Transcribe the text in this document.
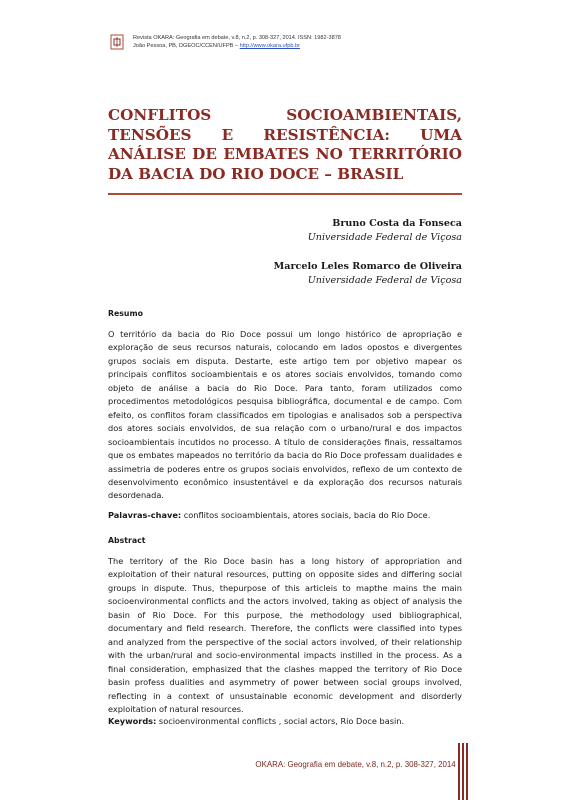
Revista OKARA: Geografia em debate, v.8, n.2, p. 308-327, 2014. ISSN: 1982-3878
João Pessoa, PB, DGEOC/CCEN/UFPB – http://www.okara.ufpb.br
CONFLITOS SOCIOAMBIENTAIS, TENSÕES E RESISTÊNCIA: UMA ANÁLISE DE EMBATES NO TERRITÓRIO DA BACIA DO RIO DOCE – BRASIL
Bruno Costa da Fonseca
Universidade Federal de Viçosa
Marcelo Leles Romarco de Oliveira
Universidade Federal de Viçosa
Resumo

O território da bacia do Rio Doce possui um longo histórico de apropriação e exploração de seus recursos naturais, colocando em lados opostos e divergentes grupos sociais em disputa. Destarte, este artigo tem por objetivo mapear os principais conflitos socioambientais e os atores sociais envolvidos, tomando como objeto de análise a bacia do Rio Doce. Para tanto, foram utilizados como procedimentos metodológicos pesquisa bibliográfica, documental e de campo. Com efeito, os conflitos foram classificados em tipologias e analisados sob a perspectiva dos atores sociais envolvidos, de sua relação com o urbano/rural e dos impactos socioambientais incutidos no processo. A título de considerações finais, ressaltamos que os embates mapeados no território da bacia do Rio Doce professam dualidades e assimetria de poderes entre os grupos sociais envolvidos, reflexo de um contexto de desenvolvimento econômico insustentável e da exploração dos recursos naturais desordenada.

Palavras-chave: conflitos socioambientais, atores sociais, bacia do Rio Doce.

Abstract

The territory of the Rio Doce basin has a long history of appropriation and exploitation of their natural resources, putting on opposite sides and differing social groups in dispute. Thus, thepurpose of this articleis to mapthe mains the main socioenvironmental conflicts and the actors involved, taking as object of analysis the basin of Rio Doce. For this purpose, the methodology used bibliographical, documentary and field research. Therefore, the conflicts were classified into types and analyzed from the perspective of the social actors involved, of their relationship with the urban/rural and socio-environmental impacts instilled in the process. As a final consideration, emphasized that the clashes mapped the territory of Rio Doce basin profess dualities and asymmetry of power between social groups involved, reflecting in a context of unsustainable economic development and disorderly exploitation of natural resources.

Keywords: socioenvironmental conflicts , social actors, Rio Doce basin.

OKARA: Geografia em debate, v.8, n.2, p. 308-327, 2014
